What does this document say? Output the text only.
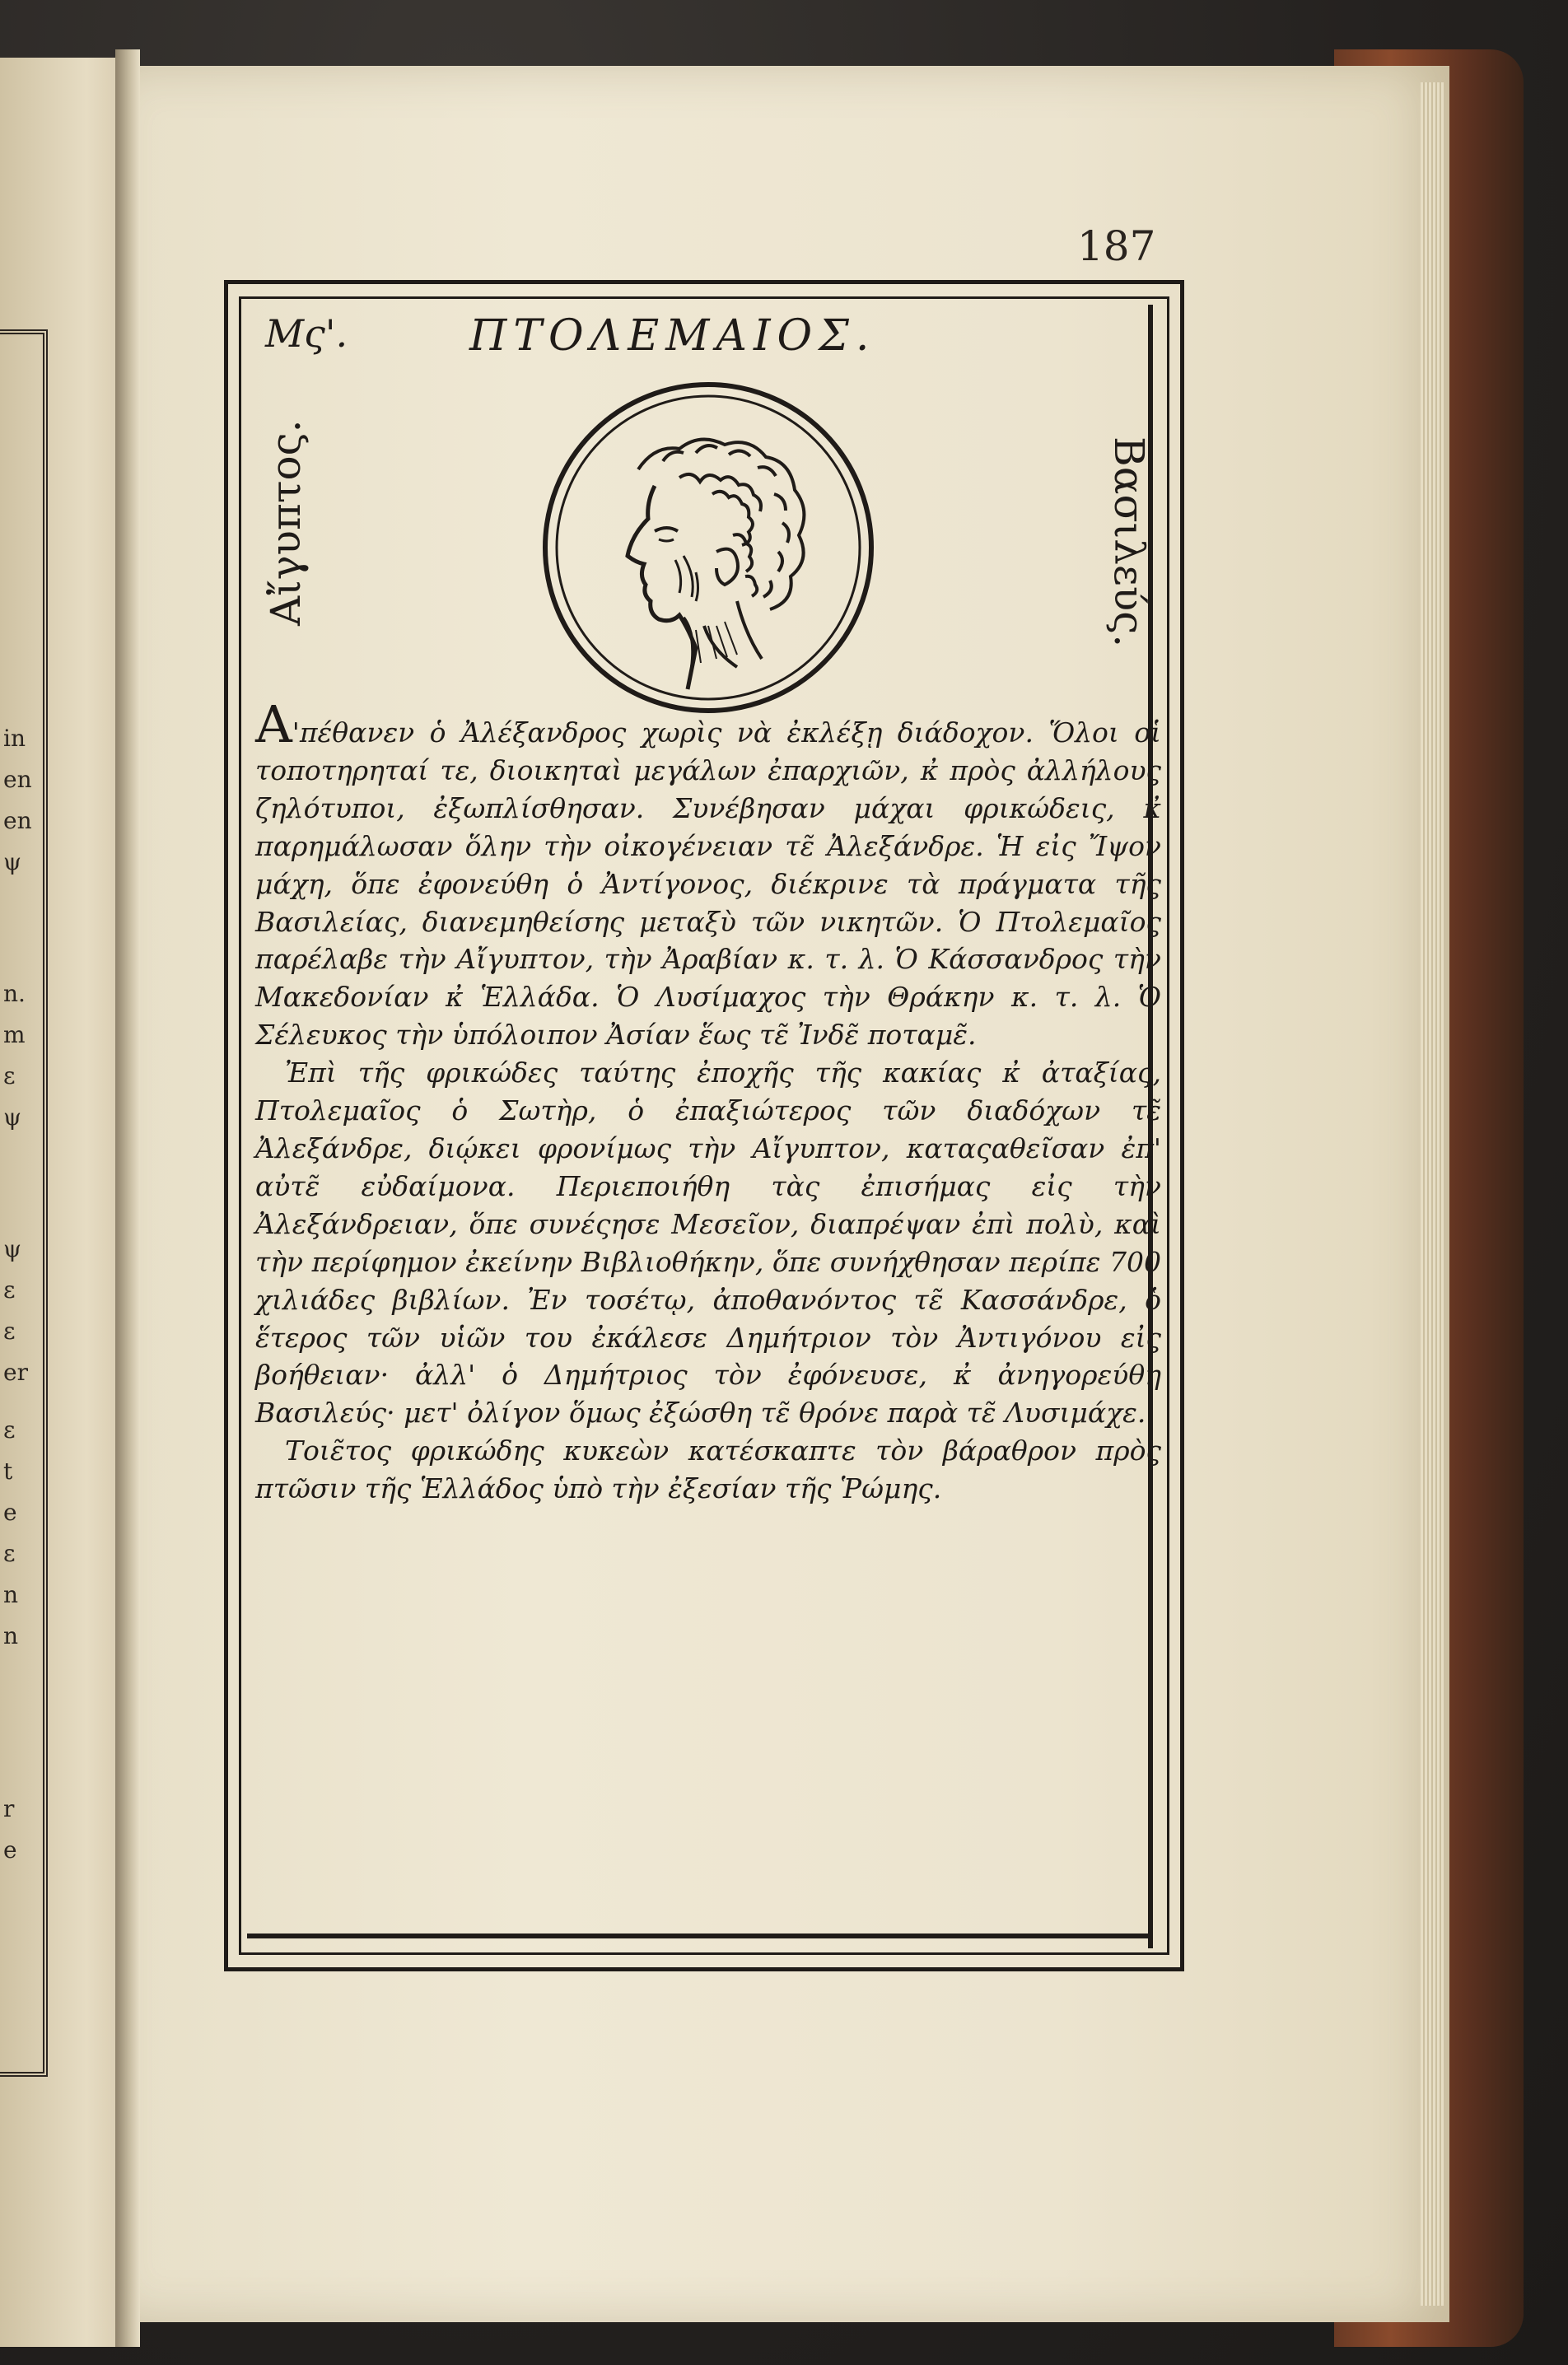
in
en
en
ψ
n.
m
ε
ψ
ψ
ε
ε
er
ε
t
e
ε
n
n
r
e
187
Μς'.	ΠΤΟΛΕΜΑΙΟΣ.
Αἴγυπτος.	Βασιλεύς.

Α'πέθανεν ὁ Ἀλέξανδρος χωρὶς νὰ ἐκλέξῃ διάδοχον. Ὅλοι οἱ τοποτηρηταί τε, διοικηταὶ μεγάλων ἐπαρχιῶν, κ̓ πρὸς ἀλλήλους ζηλότυποι, ἐξωπλίσθησαν. Συνέβησαν μάχαι φρικώδεις, κ̓ παρημάλωσαν ὅλην τὴν οἰκογένειαν τε̃ Ἀλεξάνδρε. Ἡ εἰς Ἴψον μάχη, ὅπε ἐφονεύθη ὁ Ἀντίγονος, διέκρινε τὰ πράγματα τῆς Βασιλείας, διανεμηθείσης μεταξὺ τῶν νικητῶν. Ὁ Πτολεμαῖος παρέλαβε τὴν Αἴγυπτον, τὴν Ἀραβίαν κ. τ. λ. Ὁ Κάσσανδρος τὴν Μακεδονίαν κ̓ Ἑλλάδα. Ὁ Λυσίμαχος τὴν Θράκην κ. τ. λ. Ὁ Σέλευκος τὴν ὑπόλοιπον Ἀσίαν ἕως τε̃ Ἰνδε̃ ποταμε̃.

Ἐπὶ τῆς φρικώδες ταύτης ἐποχῆς τῆς κακίας κ̓ ἀταξίας, Πτολεμαῖος ὁ Σωτὴρ, ὁ ἐπαξιώτερος τῶν διαδόχων τε̃ Ἀλεξάνδρε, διῴκει φρονίμως τὴν Αἴγυπτον, καταςαθεῖσαν ἐπ' αὐτε̃ εὐδαίμονα. Περιεποιήθη τὰς ἐπισήμας εἰς τὴν Ἀλεξάνδρειαν, ὅπε συνέςησε Μεσεῖον, διαπρέψαν ἐπὶ πολὺ, καὶ τὴν περίφημον ἐκείνην Βιβλιοθήκην, ὅπε συνήχθησαν περίπε 700 χιλιάδες βιβλίων. Ἐν τοσέτῳ, ἀποθανόντος τε̃ Κασσάνδρε, ὁ ἕτερος τῶν υἱῶν του ἐκάλεσε Δημήτριον τὸν Ἀντιγόνου εἰς βοήθειαν· ἀλλ' ὁ Δημήτριος τὸν ἐφόνευσε, κ̓ ἀνηγορεύθη Βασιλεύς· μετ' ὀλίγον ὅμως ἐξώσθη τε̃ θρόνε παρὰ τε̃ Λυσιμάχε.

Τοιε̃τος φρικώδης κυκεὼν κατέσκαπτε τὸν βάραθρον πρὸς πτῶσιν τῆς Ἑλλάδος ὑπὸ τὴν ἐξεσίαν τῆς Ῥώμης.
